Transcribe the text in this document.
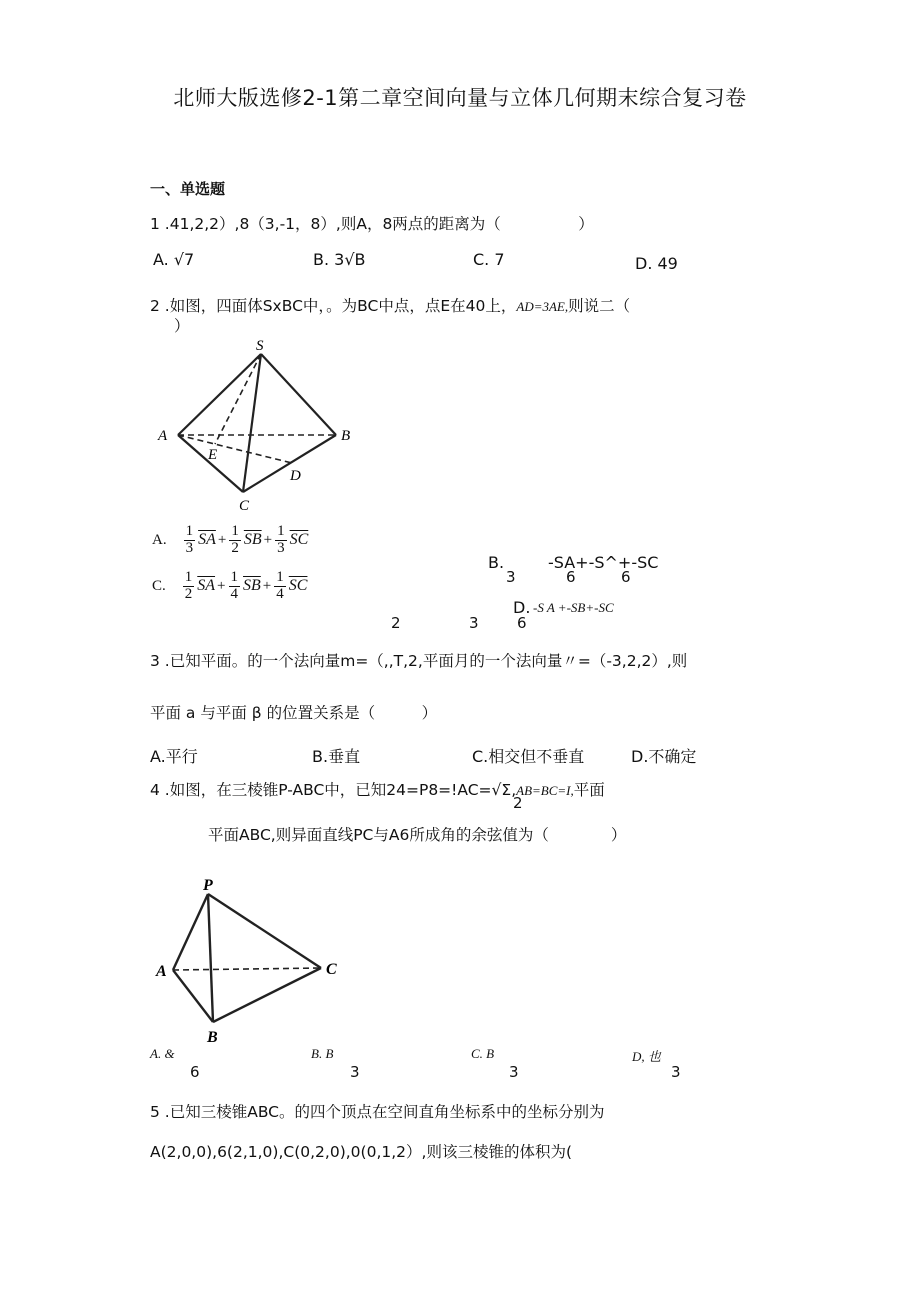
北师大版选修2-1第二章空间向量与立体几何期末综合复习卷
一、单选题
1 .41,2,2）,8（3,-1，8）,则A，8两点的距离为（　　　　　）
A. √7	B. 3√B	C. 7	D. 49
2 .如图，四面体SxBC中，。为BC中点，点E在40上，AD=3AE,则说二（
）
S
A	B
C
E
D
A. $\frac{1}{3} \overline{SA} + \frac{1}{2} \overline{SB} + \frac{1}{3} \overline{SC}$
C. $\frac{1}{2} \overline{SA} + \frac{1}{4} \overline{SB} + \frac{1}{4} \overline{SC}$
B.	-SA+-S^+-SC
3	6	6
D. -S A +-SB+-SC
2	3	6
3 .已知平面。的一个法向量m=（,,T,2,平面月的一个法向量〃=（-3,2,2）,则
平面 a 与平面 β 的位置关系是（　　　）
A.平行	B.垂直	C.相交但不垂直	D.不确定
4 .如图，在三棱锥P-ABC中，已知24=P8=!AC=√Σ,AB=BC=I,平面
2
平面ABC,则异面直线PC与A6所成角的余弦值为（　　　　）
P
A	C
B
A. &
6
B. B
3
C. B
3
D, 也
3
5 .已知三棱锥ABC。的四个顶点在空间直角坐标系中的坐标分别为
A(2,0,0),6(2,1,0),C(0,2,0),0(0,1,2）,则该三棱锥的体积为(
